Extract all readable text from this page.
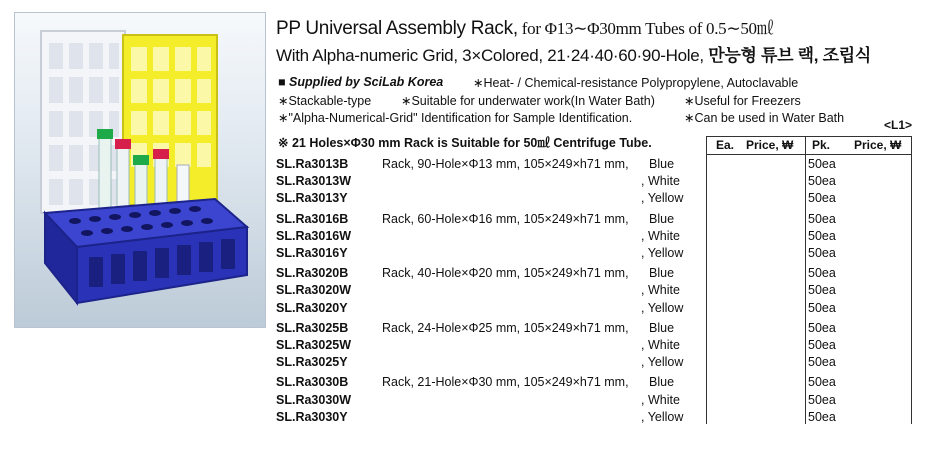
PP Universal Assembly Rack, for Φ13∼Φ30mm Tubes of 0.5∼50㎖
With Alpha-numeric Grid, 3×Colored, 21·24·40·60·90-Hole, 만능형 튜브 랙, 조립식
■ Supplied by SciLab Korea ∗Heat- / Chemical-resistance Polypropylene, Autoclavable
∗Stackable-type ∗Suitable for underwater work(In Water Bath) ∗Useful for Freezers
∗"Alpha-Numerical-Grid" Identification for Sample Identification.	∗Can be used in Water Bath
※ 21 Holes×Φ30 mm Rack is Suitable for 50㎖ Centrifuge Tube.
<L1>
Ea. Price, ₩ Pk. Price, ₩
SL.Ra3013B	Rack, 90-Hole×Φ13 mm, 105×249×h71 mm, Blue	50ea
SL.Ra3013W	, White	50ea
SL.Ra3013Y	, Yellow	50ea
SL.Ra3016B	Rack, 60-Hole×Φ16 mm, 105×249×h71 mm, Blue	50ea
SL.Ra3016W	, White	50ea
SL.Ra3016Y	, Yellow	50ea
SL.Ra3020B	Rack, 40-Hole×Φ20 mm, 105×249×h71 mm, Blue	50ea
SL.Ra3020W	, White	50ea
SL.Ra3020Y	, Yellow	50ea
SL.Ra3025B	Rack, 24-Hole×Φ25 mm, 105×249×h71 mm, Blue	50ea
SL.Ra3025W	, White	50ea
SL.Ra3025Y	, Yellow	50ea
SL.Ra3030B	Rack, 21-Hole×Φ30 mm, 105×249×h71 mm, Blue	50ea
SL.Ra3030W	, White	50ea
SL.Ra3030Y	, Yellow	50ea
